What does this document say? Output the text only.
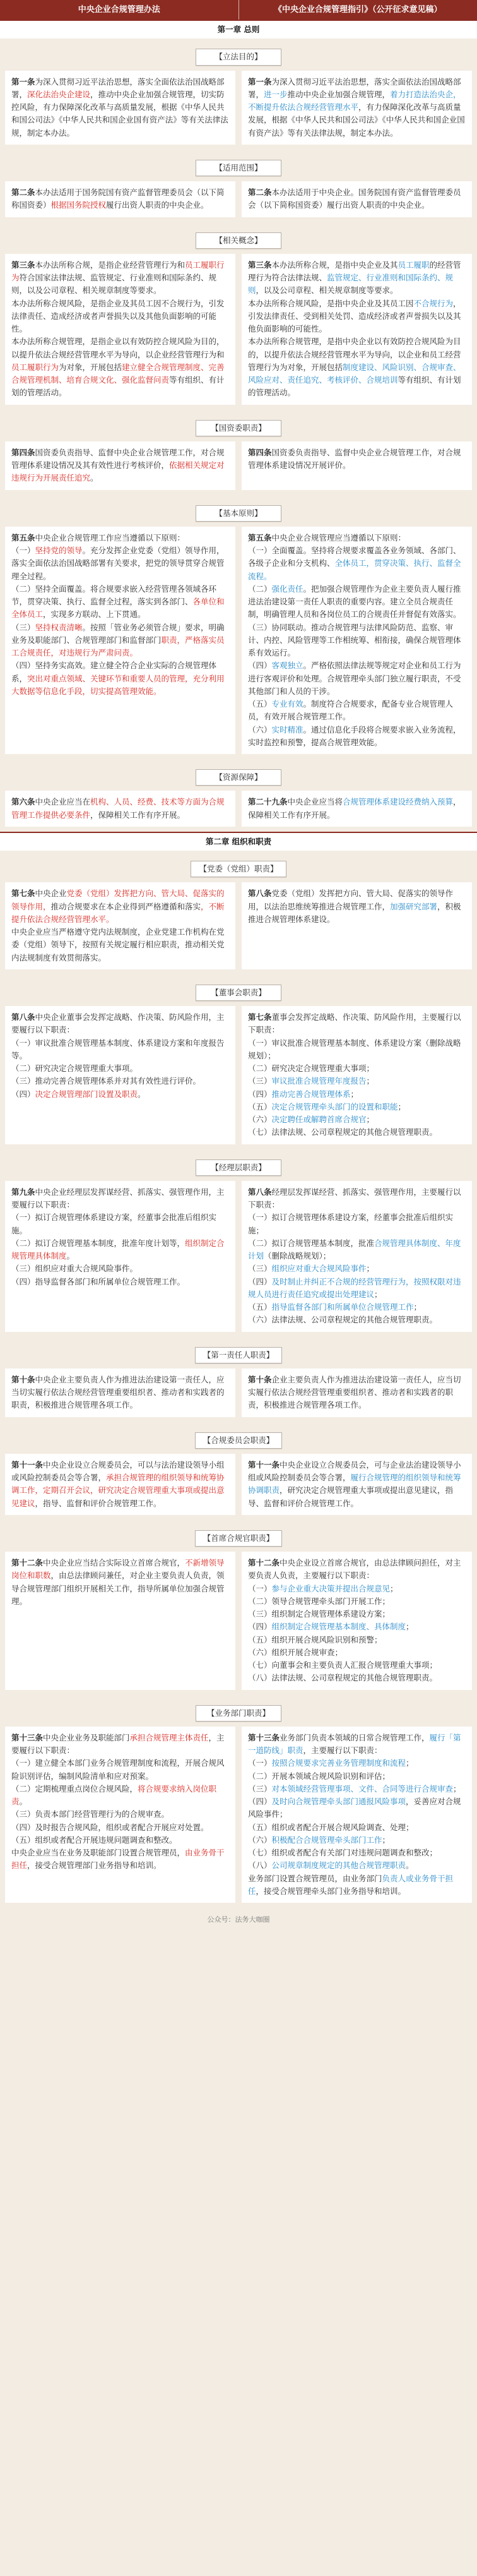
中央企业合规管理办法	《中央企业合规管理指引》（公开征求意见稿）
第一章 总则
【立法目的】

第一条为深入贯彻习近平法治思想，落实全面依法治国战略部署，深化法治央企建设，推动中央企业加强合规管理，切实防控风险，有力保障深化改革与高质量发展，根据《中华人民共和国公司法》《中华人民共和国企业国有资产法》等有关法律法规，制定本办法。

第一条为深入贯彻习近平法治思想，落实全面依法治国战略部署，进一步推动中央企业加强合规管理，着力打造法治央企，不断提升依法合规经营管理水平，有力保障深化改革与高质量发展，根据《中华人民共和国公司法》《中华人民共和国企业国有资产法》等有关法律法规，制定本办法。

【适用范围】

第二条本办法适用于国务院国有资产监督管理委员会（以下简称国资委）根据国务院授权履行出资人职责的中央企业。

第二条本办法适用于中央企业。国务院国有资产监督管理委员会（以下简称国资委）履行出资人职责的中央企业。

【相关概念】

第三条本办法所称合规，是指企业经营管理行为和员工履职行为符合国家法律法规、监管规定、行业准则和国际条约、规则，以及公司章程、相关规章制度等要求。

本办法所称合规风险，是指企业及其员工因不合规行为，引发法律责任、造成经济或者声誉损失以及其他负面影响的可能性。

本办法所称合规管理，是指企业以有效防控合规风险为目的，以提升依法合规经营管理水平为导向，以企业经营管理行为和员工履职行为为对象，开展包括建立健全合规管理制度、完善合规管理机制、培育合规文化、强化监督问责等有组织、有计划的管理活动。

第三条本办法所称合规，是指中央企业及其员工履职的经营管理行为符合法律法规、监管规定、行业准则和国际条约、规则，以及公司章程、相关规章制度等要求。

本办法所称合规风险，是指中央企业及其员工因不合规行为，引发法律责任、受到相关处罚、造成经济或者声誉损失以及其他负面影响的可能性。

本办法所称合规管理，是指中央企业以有效防控合规风险为目的，以提升依法合规经营管理水平为导向，以企业和员工经营管理行为为对象，开展包括制度建设、风险识别、合规审查、风险应对、责任追究、考核评价、合规培训等有组织、有计划的管理活动。

【国资委职责】

第四条国资委负责指导、监督中央企业合规管理工作，对合规管理体系建设情况及其有效性进行考核评价，依据相关规定对违规行为开展责任追究。

第四条国资委负责指导、监督中央企业合规管理工作，对合规管理体系建设情况开展评价。

【基本原则】

第五条中央企业合规管理工作应当遵循以下原则：

（一）坚持党的领导。充分发挥企业党委（党组）领导作用，落实全面依法治国战略部署有关要求，把党的领导贯穿合规管理全过程。

（二）坚持全面覆盖。将合规要求嵌入经营管理各领域各环节，贯穿决策、执行、监督全过程，落实到各部门、各单位和全体员工，实现多方联动、上下贯通。

（三）坚持权责清晰。按照「管业务必须管合规」要求，明确业务及职能部门、合规管理部门和监督部门职责，严格落实员工合规责任，对违规行为严肃问责。

（四）坚持务实高效。建立健全符合企业实际的合规管理体系，突出对重点领域、关键环节和重要人员的管理，充分利用大数据等信息化手段，切实提高管理效能。

第五条中央企业合规管理应当遵循以下原则：

（一）全面覆盖。坚持将合规要求覆盖各业务领域、各部门、各级子企业和分支机构、全体员工，贯穿决策、执行、监督全流程。

（二）强化责任。把加强合规管理作为企业主要负责人履行推进法治建设第一责任人职责的重要内容。建立全员合规责任制，明确管理人员和各岗位员工的合规责任并督促有效落实。

（三）协同联动。推动合规管理与法律风险防范、监察、审计、内控、风险管理等工作相统筹、相衔接，确保合规管理体系有效运行。

（四）客观独立。严格依照法律法规等规定对企业和员工行为进行客观评价和处理。合规管理牵头部门独立履行职责，不受其他部门和人员的干涉。

（五）专业有效。制度符合合规要求，配备专业合规管理人员，有效开展合规管理工作。

（六）实时精准。通过信息化手段将合规要求嵌入业务流程，实时监控和预警，提高合规管理效能。

【资源保障】

第六条中央企业应当在机构、人员、经费、技术等方面为合规管理工作提供必要条件，保障相关工作有序开展。

第二十九条中央企业应当将合规管理体系建设经费纳入预算，保障相关工作有序开展。

第二章 组织和职责
【党委（党组）职责】

第七条中央企业党委（党组）发挥把方向、管大局、促落实的领导作用，推动合规要求在本企业得到严格遵循和落实，不断提升依法合规经营管理水平。

中央企业应当严格遵守党内法规制度，企业党建工作机构在党委（党组）领导下，按照有关规定履行相应职责，推动相关党内法规制度有效贯彻落实。

第八条党委（党组）发挥把方向、管大局、促落实的领导作用，以法治思维统筹推进合规管理工作，加强研究部署，积极推进合规管理体系建设。

【董事会职责】

第八条中央企业董事会发挥定战略、作决策、防风险作用，主要履行以下职责：

（一）审议批准合规管理基本制度、体系建设方案和年度报告等。

（二）研究决定合规管理重大事项。

（三）推动完善合规管理体系并对其有效性进行评价。

（四）决定合规管理部门设置及职责。

第七条董事会发挥定战略、作决策、防风险作用，主要履行以下职责：

（一）审议批准合规管理基本制度、体系建设方案（删除战略规划）；

（二）研究决定合规管理重大事项；

（三）审议批准合规管理年度报告；

（四）推动完善合规管理体系；

（五）决定合规管理牵头部门的设置和职能；

（六）决定聘任或解聘首席合规官；

（七）法律法规、公司章程规定的其他合规管理职责。

【经理层职责】

第九条中央企业经理层发挥谋经营、抓落实、强管理作用，主要履行以下职责：

（一）拟订合规管理体系建设方案，经董事会批准后组织实施。

（二）拟订合规管理基本制度，批准年度计划等，组织制定合规管理具体制度。

（三）组织应对重大合规风险事件。

（四）指导监督各部门和所属单位合规管理工作。

第八条经理层发挥谋经营、抓落实、强管理作用，主要履行以下职责：

（一）拟订合规管理体系建设方案，经董事会批准后组织实施；

（二）拟订合规管理基本制度，批准合规管理具体制度、年度计划（删除战略规划）；

（三）组织应对重大合规风险事件；

（四）及时制止并纠正不合规的经营管理行为，按照权限对违规人员进行责任追究或提出处理建议；

（五）指导监督各部门和所属单位合规管理工作；

（六）法律法规、公司章程规定的其他合规管理职责。

【第一责任人职责】

第十条中央企业主要负责人作为推进法治建设第一责任人，应当切实履行依法合规经营管理重要组织者、推动者和实践者的职责，积极推进合规管理各项工作。

第十条企业主要负责人作为推进法治建设第一责任人，应当切实履行依法合规经营管理重要组织者、推动者和实践者的职责，积极推进合规管理各项工作。

【合规委员会职责】

第十一条中央企业设立合规委员会，可以与法治建设领导小组或风险控制委员会等合署，承担合规管理的组织领导和统筹协调工作，定期召开会议，研究决定合规管理重大事项或提出意见建议，指导、监督和评价合规管理工作。

第十一条中央企业设立合规委员会，可与企业法治建设领导小组或风险控制委员会等合署，履行合规管理的组织领导和统筹协调职责，研究决定合规管理重大事项或提出意见建议，指导、监督和评价合规管理工作。

【首席合规官职责】

第十二条中央企业应当结合实际设立首席合规官，不新增领导岗位和职数，由总法律顾问兼任，对企业主要负责人负责，领导合规管理部门组织开展相关工作，指导所属单位加强合规管理。

第十二条中央企业设立首席合规官，由总法律顾问担任，对主要负责人负责，主要履行以下职责：

（一）参与企业重大决策并提出合规意见；

（二）领导合规管理牵头部门开展工作；

（三）组织制定合规管理体系建设方案；

（四）组织制定合规管理基本制度、具体制度；

（五）组织开展合规风险识别和预警；

（六）组织开展合规审查；

（七）向董事会和主要负责人汇报合规管理重大事项；

（八）法律法规、公司章程规定的其他合规管理职责。

【业务部门职责】

第十三条中央企业业务及职能部门承担合规管理主体责任，主要履行以下职责：

（一）建立健全本部门业务合规管理制度和流程，开展合规风险识别评估，编制风险清单和应对预案。

（二）定期梳理重点岗位合规风险，将合规要求纳入岗位职责。

（三）负责本部门经营管理行为的合规审查。

（四）及时报告合规风险，组织或者配合开展应对处置。

（五）组织或者配合开展违规问题调查和整改。

中央企业应当在业务及职能部门设置合规管理员，由业务骨干担任，接受合规管理部门业务指导和培训。

第十三条业务部门负责本领域的日常合规管理工作，履行「第一道防线」职责，主要履行以下职责：

（一）按照合规要求完善业务管理制度和流程；

（二）开展本领域合规风险识别和评估；

（三）对本领域经营管理事项、文件、合同等进行合规审查；

（四）及时向合规管理牵头部门通报风险事项，妥善应对合规风险事件；

（五）组织或者配合开展合规风险调查、处理；

（六）积极配合合规管理牵头部门工作；

（七）组织或者配合有关部门对违规问题调查和整改；

（八）公司规章制度规定的其他合规管理职责。

业务部门设置合规管理员，由业务部门负责人或业务骨干担任，接受合规管理牵头部门业务指导和培训。

公众号：法务大咖圈
